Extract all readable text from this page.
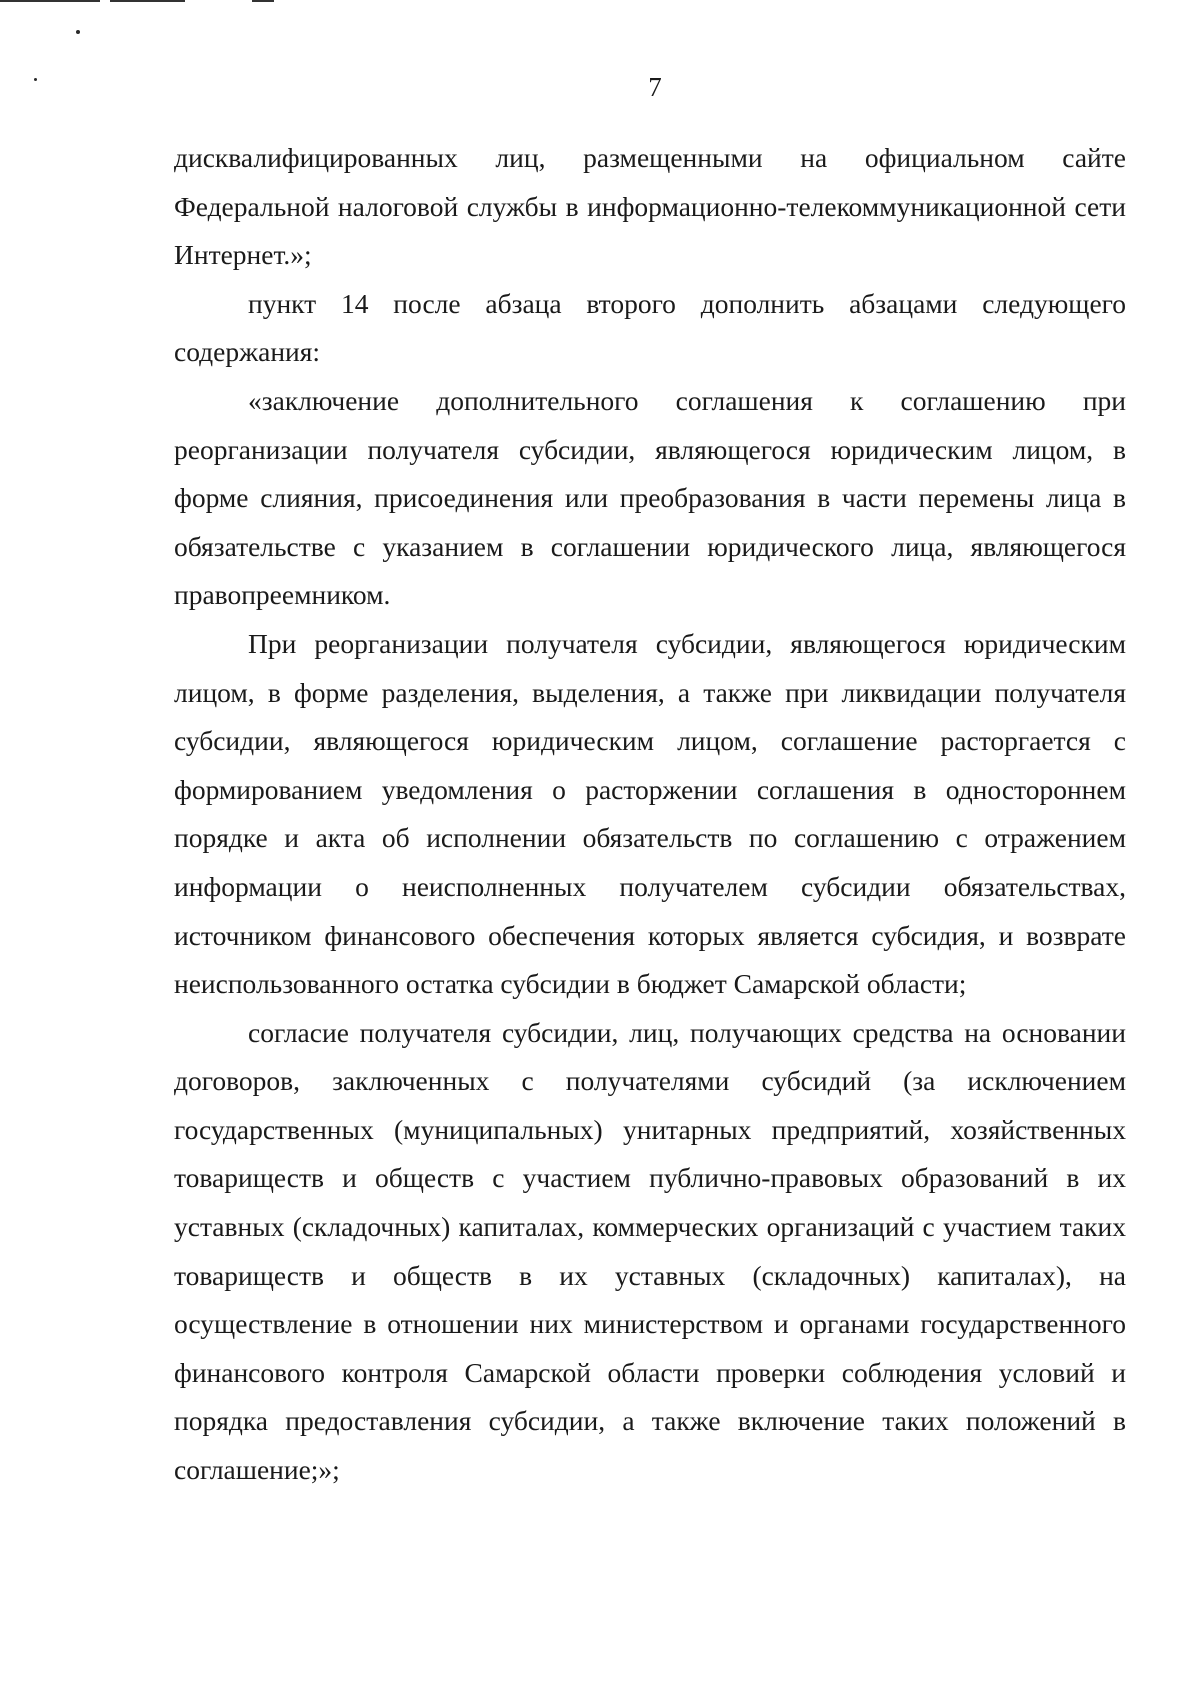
7

дисквалифицированных лиц, размещенными на официальном сайте Федеральной налоговой службы в информационно-телекоммуникационной сети Интернет.»;

пункт 14 после абзаца второго дополнить абзацами следующего содержания:

«заключение дополнительного соглашения к соглашению при реорганизации получателя субсидии, являющегося юридическим лицом, в форме слияния, присоединения или преобразования в части перемены лица в обязательстве с указанием в соглашении юридического лица, являющегося правопреемником.

При реорганизации получателя субсидии, являющегося юридическим лицом, в форме разделения, выделения, а также при ликвидации получателя субсидии, являющегося юридическим лицом, соглашение расторгается с формированием уведомления о расторжении соглашения в одностороннем порядке и акта об исполнении обязательств по соглашению с отражением информации о неисполненных получателем субсидии обязательствах, источником финансового обеспечения которых является субсидия, и возврате неиспользованного остатка субсидии в бюджет Самарской области;

согласие получателя субсидии, лиц, получающих средства на основании договоров, заключенных с получателями субсидий (за исключением государственных (муниципальных) унитарных предприятий, хозяйственных товариществ и обществ с участием публично-правовых образований в их уставных (складочных) капиталах, коммерческих организаций с участием таких товариществ и обществ в их уставных (складочных) капиталах), на осуществление в отношении них министерством и органами государственного финансового контроля Самарской области проверки соблюдения условий и порядка предоставления субсидии, а также включение таких положений в соглашение;»;
